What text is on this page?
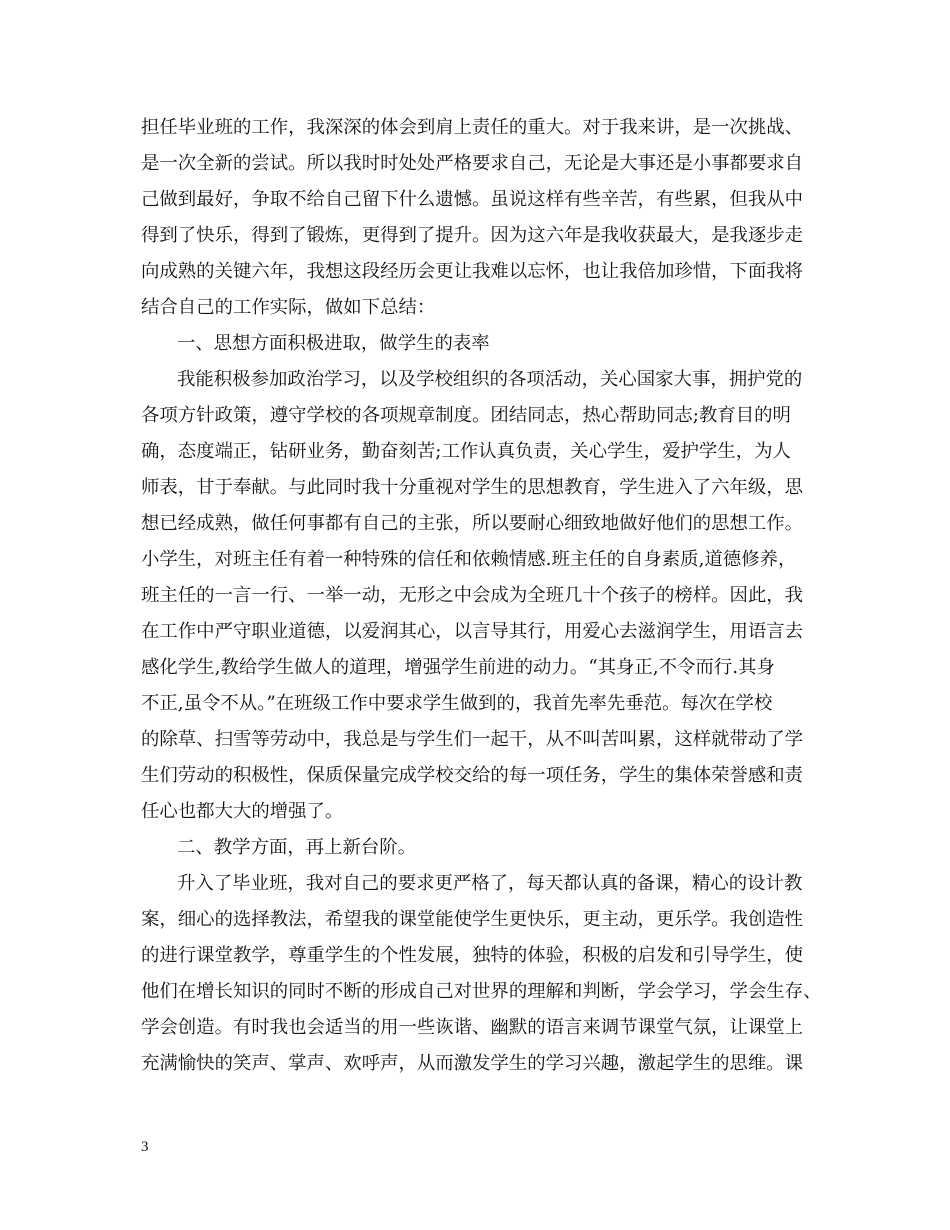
担任毕业班的工作，我深深的体会到肩上责任的重大。对于我来讲，是一次挑战、
是一次全新的尝试。所以我时时处处严格要求自己，无论是大事还是小事都要求自
己做到最好，争取不给自己留下什么遗憾。虽说这样有些辛苦，有些累，但我从中
得到了快乐，得到了锻炼，更得到了提升。因为这六年是我收获最大，是我逐步走
向成熟的关键六年，我想这段经历会更让我难以忘怀，也让我倍加珍惜，下面我将
结合自己的工作实际，做如下总结：
一、思想方面积极进取，做学生的表率
我能积极参加政治学习，以及学校组织的各项活动，关心国家大事，拥护党的
各项方针政策，遵守学校的各项规章制度。团结同志，热心帮助同志;教育目的明
确，态度端正，钻研业务，勤奋刻苦;工作认真负责，关心学生，爱护学生，为人
师表，甘于奉献。与此同时我十分重视对学生的思想教育，学生进入了六年级，思
想已经成熟，做任何事都有自己的主张，所以要耐心细致地做好他们的思想工作。
小学生，对班主任有着一种特殊的信任和依赖情感.班主任的自身素质,道德修养，
班主任的一言一行、一举一动，无形之中会成为全班几十个孩子的榜样。因此，我
在工作中严守职业道德，以爱润其心，以言导其行，用爱心去滋润学生，用语言去
感化学生,教给学生做人的道理，增强学生前进的动力。“其身正,不令而行.其身
不正,虽令不从。”在班级工作中要求学生做到的，我首先率先垂范。每次在学校
的除草、扫雪等劳动中，我总是与学生们一起干，从不叫苦叫累，这样就带动了学
生们劳动的积极性，保质保量完成学校交给的每一项任务，学生的集体荣誉感和责
任心也都大大的增强了。
二、教学方面，再上新台阶。
升入了毕业班，我对自己的要求更严格了，每天都认真的备课，精心的设计教
案，细心的选择教法，希望我的课堂能使学生更快乐，更主动，更乐学。我创造性
的进行课堂教学，尊重学生的个性发展，独特的体验，积极的启发和引导学生，使
他们在增长知识的同时不断的形成自己对世界的理解和判断，学会学习，学会生存、
学会创造。有时我也会适当的用一些诙谐、幽默的语言来调节课堂气氛，让课堂上
充满愉快的笑声、掌声、欢呼声，从而激发学生的学习兴趣，激起学生的思维。课
3
